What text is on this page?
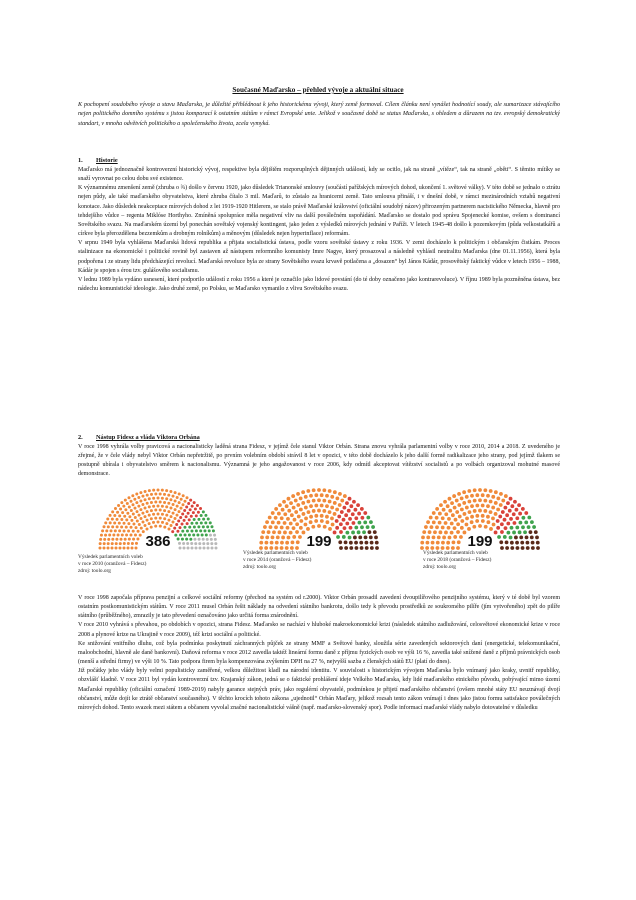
Současné Maďarsko – přehled vývoje a aktuální situace
K pochopení soudobého vývoje a stavu Maďarska, je důležité přihlédnout k jeho historickému vývoji, který země formoval. Cílem článku není vynášet hodnotící soudy, ale sumarizace stávajícího nejen politického domního systému s jistou komparací k ostatním státům v rámci Evropské unie. Jelikož v současné době se status Maďarska, s ohledem a důrazem na tzv. evropský demokratický standart, v mnoha odvětvích politického a společenského života, zcela vymyká.
1. Historie

Maďarsko má jednoznačně kontroverzní historický vývoj, respektive byla dějištěm rozporuplných dějinných událostí, kdy se ocitlo, jak na straně „vítěze“, tak na straně „oběti“. S těmito mítíky se snaží vyrovnat po celou dobu své existence.

K významnému zmenšení země (zhruba o ¾) došlo v červnu 1920, jako důsledek Trianonské smlouvy (součástí pařížských mírových dohod, ukončení 1. světové války). V této době se jednalo o ztrátu nejen půdy, ale také maďarského obyvatelstva, které zhruba čítalo 3 mil. Maďarů, to zůstalo za hranicemi země. Tato smlouva přináší, i v dnešní době, v rámci mezinárodních vztahů negativní konotace. Jako důsledek neakceptace mírových dohod z let 1919-1920 Hitlerem, se stalo právě Maďarské království (oficiální soudobý název) přirozeným partnerem nacistického Německa, hlavně pro tehdejšího vůdce – regenta Miklóse Horthyho. Zmíněná spolupráce měla negativní vliv na další poválečném uspořádání. Maďarsko se dostalo pod správu Spojenecké komise, ovšem s dominancí Sovětského svazu. Na maďarském území byl ponechán sovětský vojenský kontingent, jako jeden z výsledků mírových jednání v Paříži. V letech 1945-48 došlo k pozemkovým (půda velkostatkářů a církve byla přerozdělena bezzemkům a drobným rolníkům) a měnovým (důsledek nejen hyperinflace) reformám.

V srpnu 1949 byla vyhlášena Maďarská lidová republika a přijata socialistická ústava, podle vzoru sovětské ústavy z roku 1936. V zemi docházelo k politickým i občanským čistkám. Proces stalinizace na ekonomické i politické rovině byl zastaven až nástupem reformního komunisty Imre Nagye, který prosazoval a následně vyhlásil neutralitu Maďarska (dne 01.11.1956), která byla podpořena i ze strany lidu předcházející revolucí. Maďarská revoluce byla ze strany Sovětského svazu krvavě potlačena a „dosazen“ byl János Kádár, prosovětský faktický vůdce v letech 1956 – 1988, Kádár je spojen s érou tzv. gulášového socialismu.

V lednu 1989 byla vydáno usnesení, které podporilo událostí z roku 1956 a které je označilo jako lidové povstání (do té doby označeno jako kontrarevoluce). V říjnu 1989 byla pozměněna ústava, bez nádechu komunistické ideologie. Jako druhé země, po Polsku, se Maďarsko vymanilo z vlivu Sovětského svazu.

2. Nástup Fidesz a vláda Viktora Orbána

V roce 1998 vyhrála volby pravicová a nacionalisticky laděná strana Fidesz, v jejímž čele stanul Viktor Orbán. Strana znovu vyhrála parlamentní volby v roce 2010, 2014 a 2018. Z uvedeného je zřejmé, že v čele vlády nebyl Viktor Orbán nepřetržitě, po prvním volebním období strávil 8 let v opozici, v této době docházelo k jeho další formě radikalizace jeho strany, pod jejímž tlakem se postupně ubírala i obyvatelstvo směrem k nacionalismu. Významná je jeho angažovanost v roce 2006, kdy odmítl akceptovat vítězství socialistů a po volbách organizoval mohutné masové demonstrace.

386	199	199
Výsledek parlamentních voleb
v roce 2010 (oranžová – Fidesz)
zdroj: toolo.org
Výsledek parlamentních voleb
v roce 2014 (oranžová – Fidesz)
zdroj: toolo.org
Výsledek parlamentních voleb
v roce 2018 (oranžová – Fidesz)
zdroj: toolo.org

V roce 1998 započala příprava penzijní a celkové sociální reformy (přechod na systém od r.2000). Viktor Orbán prosadil zavedení dvoupilířového penzijního systému, který v té době byl vzorem ostatním postkomunistickým státům. V roce 2011 musel Orbán řešit náklady na odvedení státního bankrotu, došlo tedy k převodu prostředků ze soukromého pilíře (jím vytvořeného) zpět do pilíře státního (průběžného), zmrazily je tato převedení označováno jako určitá forma znárodnění.

V roce 2010 vyhrává s převahou, po obdobích v opozici, strana Fidesz. Maďarsko se nachází v hluboké makroekonomické krizi (následek státního zadlužování, celosvětové ekonomické krize v roce 2008 a plynové krize na Ukrajině v roce 2009), též krizi sociální a politické.

Ke snižování vnitřního dluhu, což byla podmínka poskytnutí záchranných půjček ze strany MMF a Světové banky, sloužila série zavedených sektorových daní (energetické, telekomunikační, maloobchodní, hlavně ale daně bankovní). Daňová reforma v roce 2012 zavedla taktéž lineární formu daně z příjmu fyzických osob ve výši 16 %, zavedla také snížené daně z příjmů právnických osob (menší a střední firmy) ve výši 10 %. Tato podpora firem byla kompenzována zvýšením DPH na 27 %, nejvyšší sazba z členských států EU (platí do dnes).

Již počátky jeho vlády byly velmi populisticky zaměřené, velkou důležitost kladl na národní identitu. V souvislosti s historickým vývojem Maďarska bylo vnímaný jako kraky, uvnitř republiky, obzvlášť kladně. V roce 2011 byl vydán kontroverzní tzv. Krajanský zákon, jedná se o faktické prohlášení ideje Velkého Maďarska, kdy lidé maďarského etnického původu, pobývající mimo území Maďarské republiky (oficiální označení 1989-2019) nabyly garance stejných práv, jako regulérní obyvatelé, podmínkou je přijetí maďarského občanství (ovšem mnohé státy EU neuznávají dvojí občanství, může dojít ke ztrátě občanství současného). V těchto krocích tohoto zákona „ujednotil“ Orbán Maďary, jelikož rozsah tento zákon vnímají i dnes jako jistou formu satisfakce poválečných mírových dohod. Tento svazek mezi státem a občanem vyvolal značné nacionalistické vášně (např. maďarsko-slovenský spor). Podle informací maďarské vlády nabylo dotovatelné v důsledku
